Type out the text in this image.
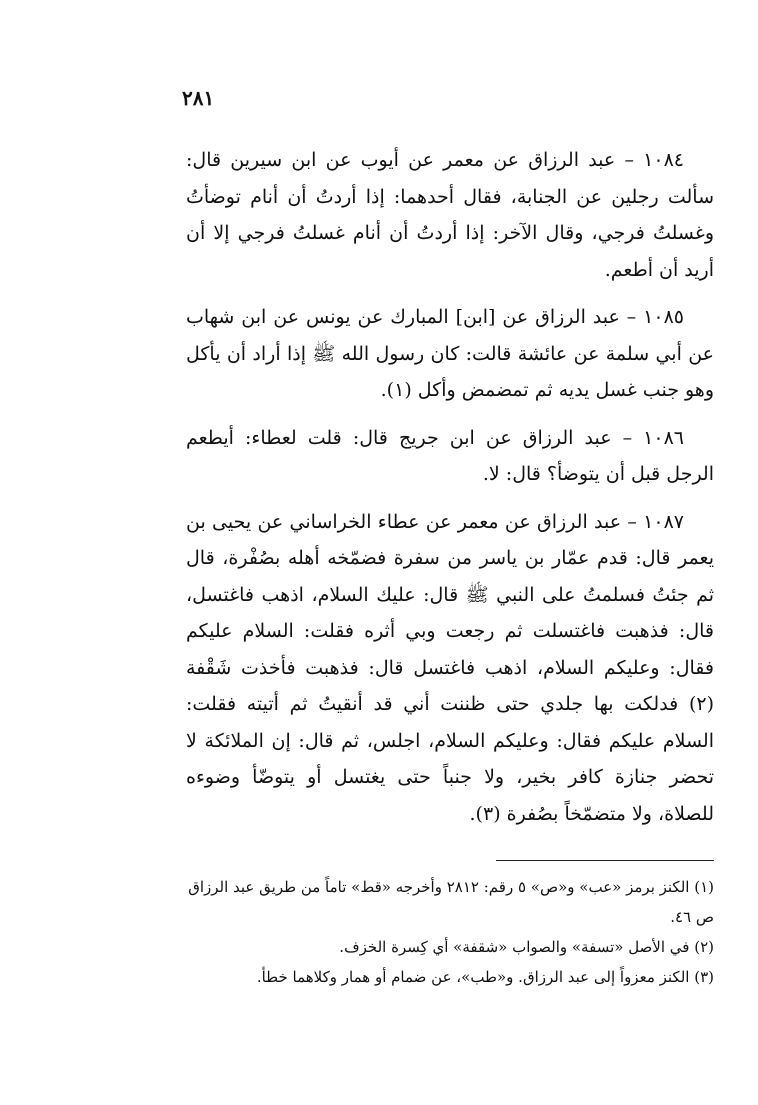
٢٨١

١٠٨٤ – عبد الرزاق عن معمر عن أيوب عن ابن سيرين قال: سألت رجلين عن الجنابة، فقال أحدهما: إذا أردتُ أن أنام توضأتُ وغسلتُ فرجي، وقال الآخر: إذا أردتُ أن أنام غسلتُ فرجي إلا أن أريد أن أطعم.

١٠٨٥ – عبد الرزاق عن [ابن] المبارك عن يونس عن ابن شهاب عن أبي سلمة عن عائشة قالت: كان رسول الله ﷺ إذا أراد أن يأكل وهو جنب غسل يديه ثم تمضمض وأكل (١).

١٠٨٦ – عبد الرزاق عن ابن جريج قال: قلت لعطاء: أيطعم الرجل قبل أن يتوضأ؟ قال: لا.

١٠٨٧ – عبد الرزاق عن معمر عن عطاء الخراساني عن يحيى بن يعمر قال: قدم عمّار بن ياسر من سفرة فضمّخه أهله بصُفْرة، قال ثم جئتُ فسلمتُ على النبي ﷺ قال: عليك السلام، اذهب فاغتسل، قال: فذهبت فاغتسلت ثم رجعت وبي أثره فقلت: السلام عليكم فقال: وعليكم السلام، اذهب فاغتسل قال: فذهبت فأخذت شَقْفة (٢) فدلكت بها جلدي حتى ظننت أني قد أنقيتُ ثم أتيته فقلت: السلام عليكم فقال: وعليكم السلام، اجلس، ثم قال: إن الملائكة لا تحضر جنازة كافر بخير، ولا جنباً حتى يغتسل أو يتوضّأ وضوءه للصلاة، ولا متضمّخاً بصُفرة (٣).

(١) الكنز برمز «عب» و«ص» ٥ رقم: ٢٨١٢ وأخرجه «قط» تاماً من طريق عبد الرزاق ص ٤٦.

(٢) في الأصل «تسفة» والصواب «شقفة» أي كِسرة الخزف.

(٣) الكنز معزواً إلى عبد الرزاق. و«طب»، عن ضمام أو همار وكلاهما خطأ.
